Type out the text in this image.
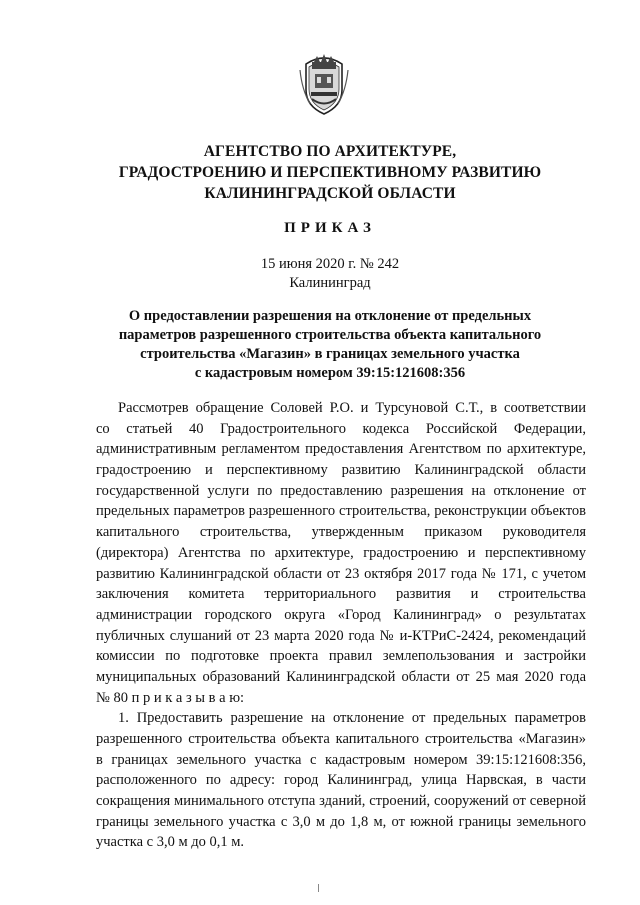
АГЕНТСТВО ПО АРХИТЕКТУРЕ,
ГРАДОСТРОЕНИЮ И ПЕРСПЕКТИВНОМУ РАЗВИТИЮ
КАЛИНИНГРАДСКОЙ ОБЛАСТИ
ПРИКАЗ
15 июня 2020 г. № 242
Калининград
О предоставлении разрешения на отклонение от предельных
параметров разрешенного строительства объекта капитального
строительства «Магазин» в границах земельного участка
с кадастровым номером 39:15:121608:356
Рассмотрев обращение Соловей Р.О. и Турсуновой С.Т., в соответствии
со статьей 40 Градостроительного кодекса Российской Федерации,
административным регламентом предоставления Агентством по архитектуре,
градостроению и перспективному развитию Калининградской области
государственной услуги по предоставлению разрешения на отклонение от
предельных параметров разрешенного строительства, реконструкции объектов
капитального строительства, утвержденным приказом руководителя
(директора) Агентства по архитектуре, градостроению и перспективному
развитию Калининградской области от 23 октября 2017 года № 171, с учетом
заключения комитета территориального развития и строительства
администрации городского округа «Город Калининград» о результатах
публичных слушаний от 23 марта 2020 года № и-КТРиС-2424, рекомендаций
комиссии по подготовке проекта правил землепользования и застройки
муниципальных образований Калининградской области от 25 мая 2020 года
№ 80 п р и к а з ы в а ю:
1. Предоставить разрешение на отклонение от предельных параметров
разрешенного строительства объекта капитального строительства «Магазин»
в границах земельного участка с кадастровым номером 39:15:121608:356,
расположенного по адресу: город Калининград, улица Нарвская, в части
сокращения минимального отступа зданий, строений, сооружений от северной
границы земельного участка с 3,0 м до 1,8 м, от южной границы земельного
участка с 3,0 м до 0,1 м.
